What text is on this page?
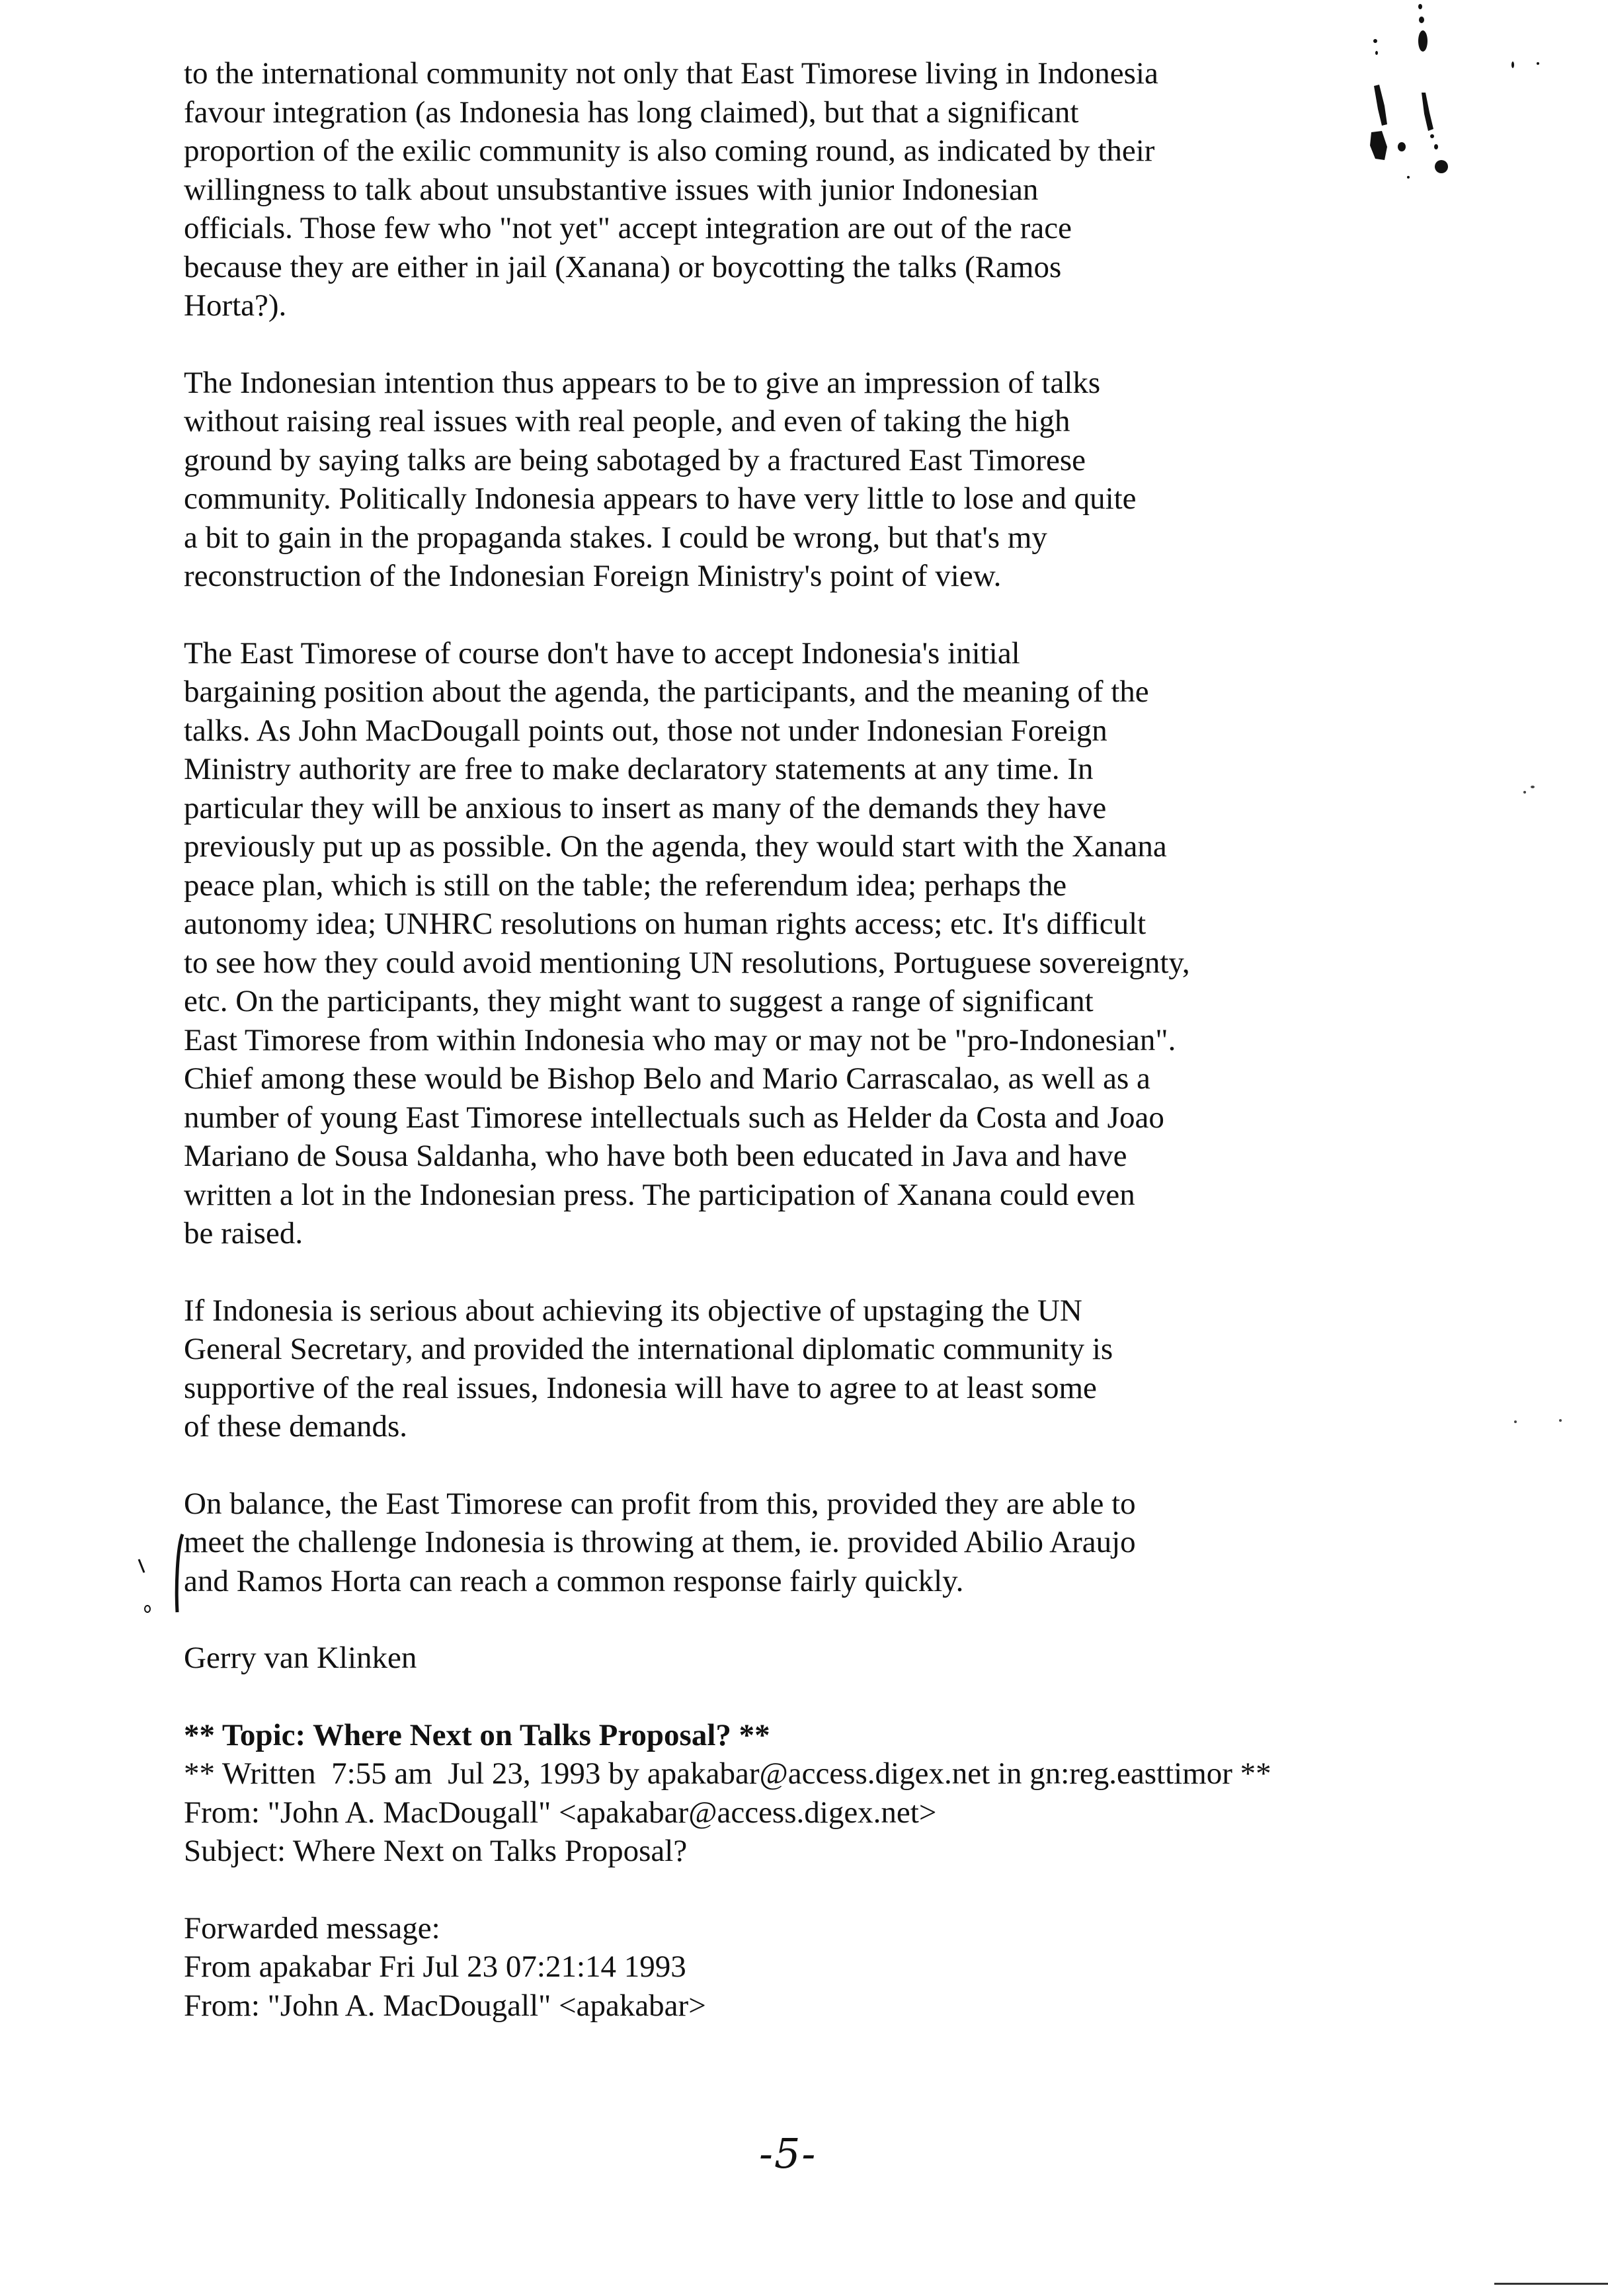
to the international community not only that East Timorese living in Indonesia
favour integration (as Indonesia has long claimed), but that a significant
proportion of the exilic community is also coming round, as indicated by their
willingness to talk about unsubstantive issues with junior Indonesian
officials. Those few who "not yet" accept integration are out of the race
because they are either in jail (Xanana) or boycotting the talks (Ramos
Horta?).
The Indonesian intention thus appears to be to give an impression of talks
without raising real issues with real people, and even of taking the high
ground by saying talks are being sabotaged by a fractured East Timorese
community. Politically Indonesia appears to have very little to lose and quite
a bit to gain in the propaganda stakes. I could be wrong, but that's my
reconstruction of the Indonesian Foreign Ministry's point of view.
The East Timorese of course don't have to accept Indonesia's initial
bargaining position about the agenda, the participants, and the meaning of the
talks. As John MacDougall points out, those not under Indonesian Foreign
Ministry authority are free to make declaratory statements at any time. In
particular they will be anxious to insert as many of the demands they have
previously put up as possible. On the agenda, they would start with the Xanana
peace plan, which is still on the table; the referendum idea; perhaps the
autonomy idea; UNHRC resolutions on human rights access; etc. It's difficult
to see how they could avoid mentioning UN resolutions, Portuguese sovereignty,
etc. On the participants, they might want to suggest a range of significant
East Timorese from within Indonesia who may or may not be "pro-Indonesian".
Chief among these would be Bishop Belo and Mario Carrascalao, as well as a
number of young East Timorese intellectuals such as Helder da Costa and Joao
Mariano de Sousa Saldanha, who have both been educated in Java and have
written a lot in the Indonesian press. The participation of Xanana could even
be raised.
If Indonesia is serious about achieving its objective of upstaging the UN
General Secretary, and provided the international diplomatic community is
supportive of the real issues, Indonesia will have to agree to at least some
of these demands.
On balance, the East Timorese can profit from this, provided they are able to
meet the challenge Indonesia is throwing at them, ie. provided Abilio Araujo
and Ramos Horta can reach a common response fairly quickly.
Gerry van Klinken
** Topic: Where Next on Talks Proposal? **
** Written  7:55 am  Jul 23, 1993 by apakabar@access.digex.net in gn:reg.easttimor **
From: "John A. MacDougall" <apakabar@access.digex.net>
Subject: Where Next on Talks Proposal?
Forwarded message:
From apakabar Fri Jul 23 07:21:14 1993
From: "John A. MacDougall" <apakabar>
-5-
